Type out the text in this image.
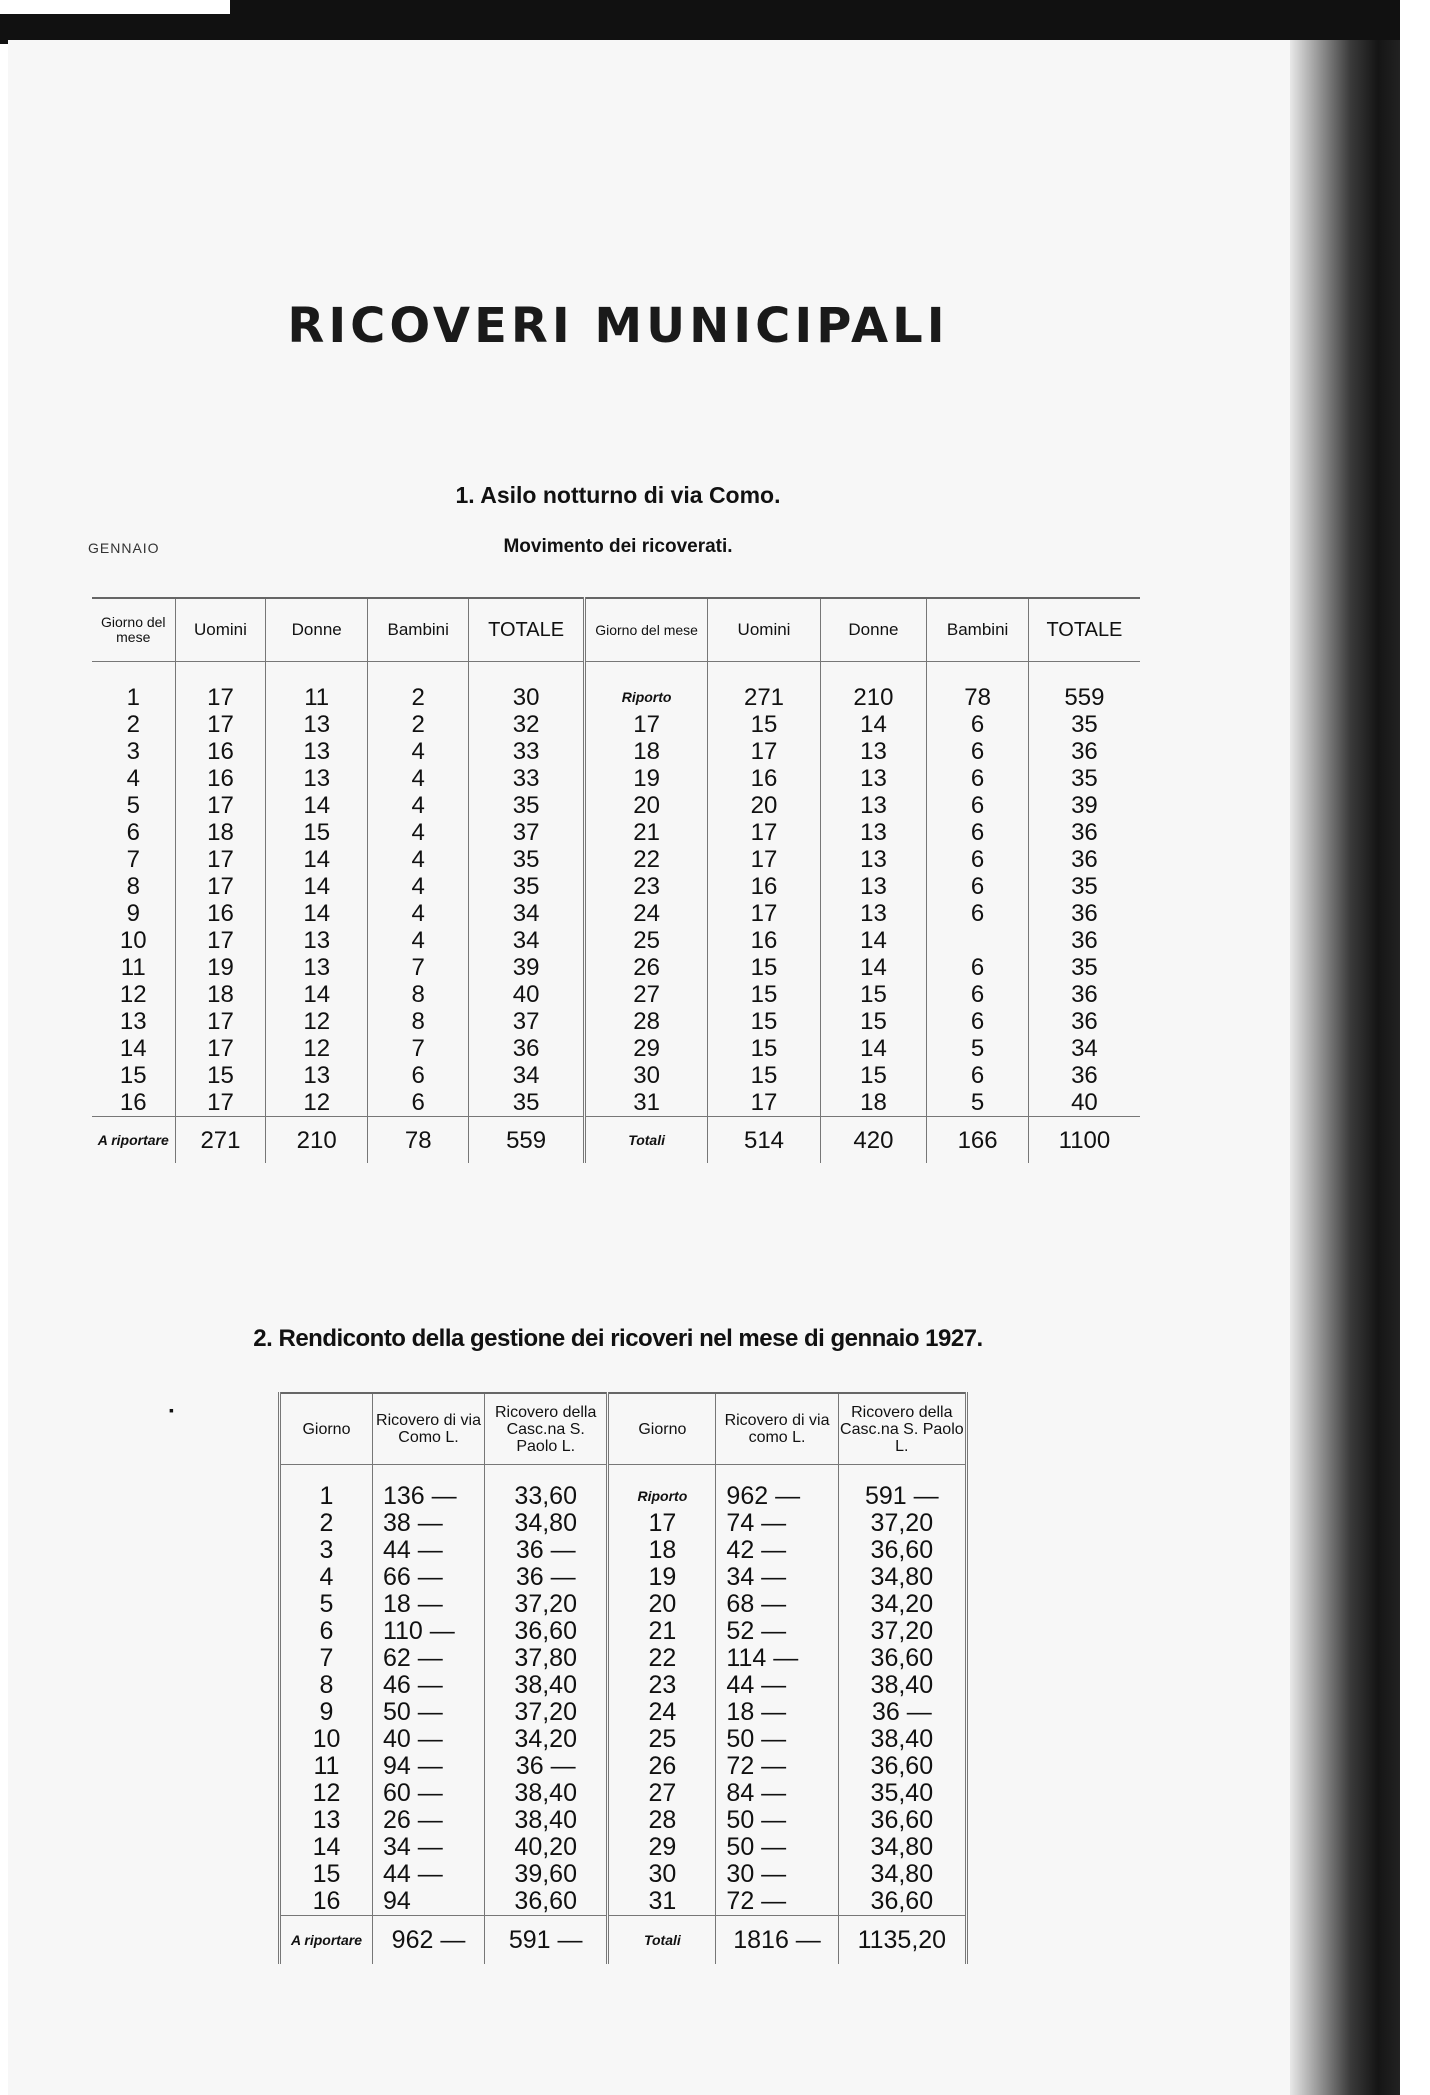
RICOVERI MUNICIPALI
1. Asilo notturno di via Como.
GENNAIO	Movimento dei ricoverati.
Giorno del mese	Uomini	Donne	Bambini	TOTALE	Giorno del mese	Uomini	Donne	Bambini	TOTALE

1	17	11	2	30	Riporto	271	210	78	559
2	17	13	2	32	17	15	14	6	35
3	16	13	4	33	18	17	13	6	36
4	16	13	4	33	19	16	13	6	35
5	17	14	4	35	20	20	13	6	39
6	18	15	4	37	21	17	13	6	36
7	17	14	4	35	22	17	13	6	36
8	17	14	4	35	23	16	13	6	35
9	16	14	4	34	24	17	13	6	36
10	17	13	4	34	25	16	14		36
11	19	13	7	39	26	15	14	6	35
12	18	14	8	40	27	15	15	6	36
13	17	12	8	37	28	15	15	6	36
14	17	12	7	36	29	15	14	5	34
15	15	13	6	34	30	15	15	6	36
16	17	12	6	35	31	17	18	5	40
A riportare	271	210	78	559	Totali	514	420	166	1100
2. Rendiconto della gestione dei ricoveri nel mese di gennaio 1927.
▪
Giorno	Ricovero di via Como L.	Ricovero della Casc.na S. Paolo L.	Giorno	Ricovero di via como L.	Ricovero della Casc.na S. Paolo L.

1	136 —	33,60	Riporto	962 —	591 —
2	38 —	34,80	17	74 —	37,20
3	44 —	36 —	18	42 —	36,60
4	66 —	36 —	19	34 —	34,80
5	18 —	37,20	20	68 —	34,20
6	110 —	36,60	21	52 —	37,20
7	62 —	37,80	22	114 —	36,60
8	46 —	38,40	23	44 —	38,40
9	50 —	37,20	24	18 —	36 —
10	40 —	34,20	25	50 —	38,40
11	94 —	36 —	26	72 —	36,60
12	60 —	38,40	27	84 —	35,40
13	26 —	38,40	28	50 —	36,60
14	34 —	40,20	29	50 —	34,80
15	44 —	39,60	30	30 —	34,80
16	94	36,60	31	72 —	36,60
A riportare	962 —	591 —	Totali	1816 —	1135,20
